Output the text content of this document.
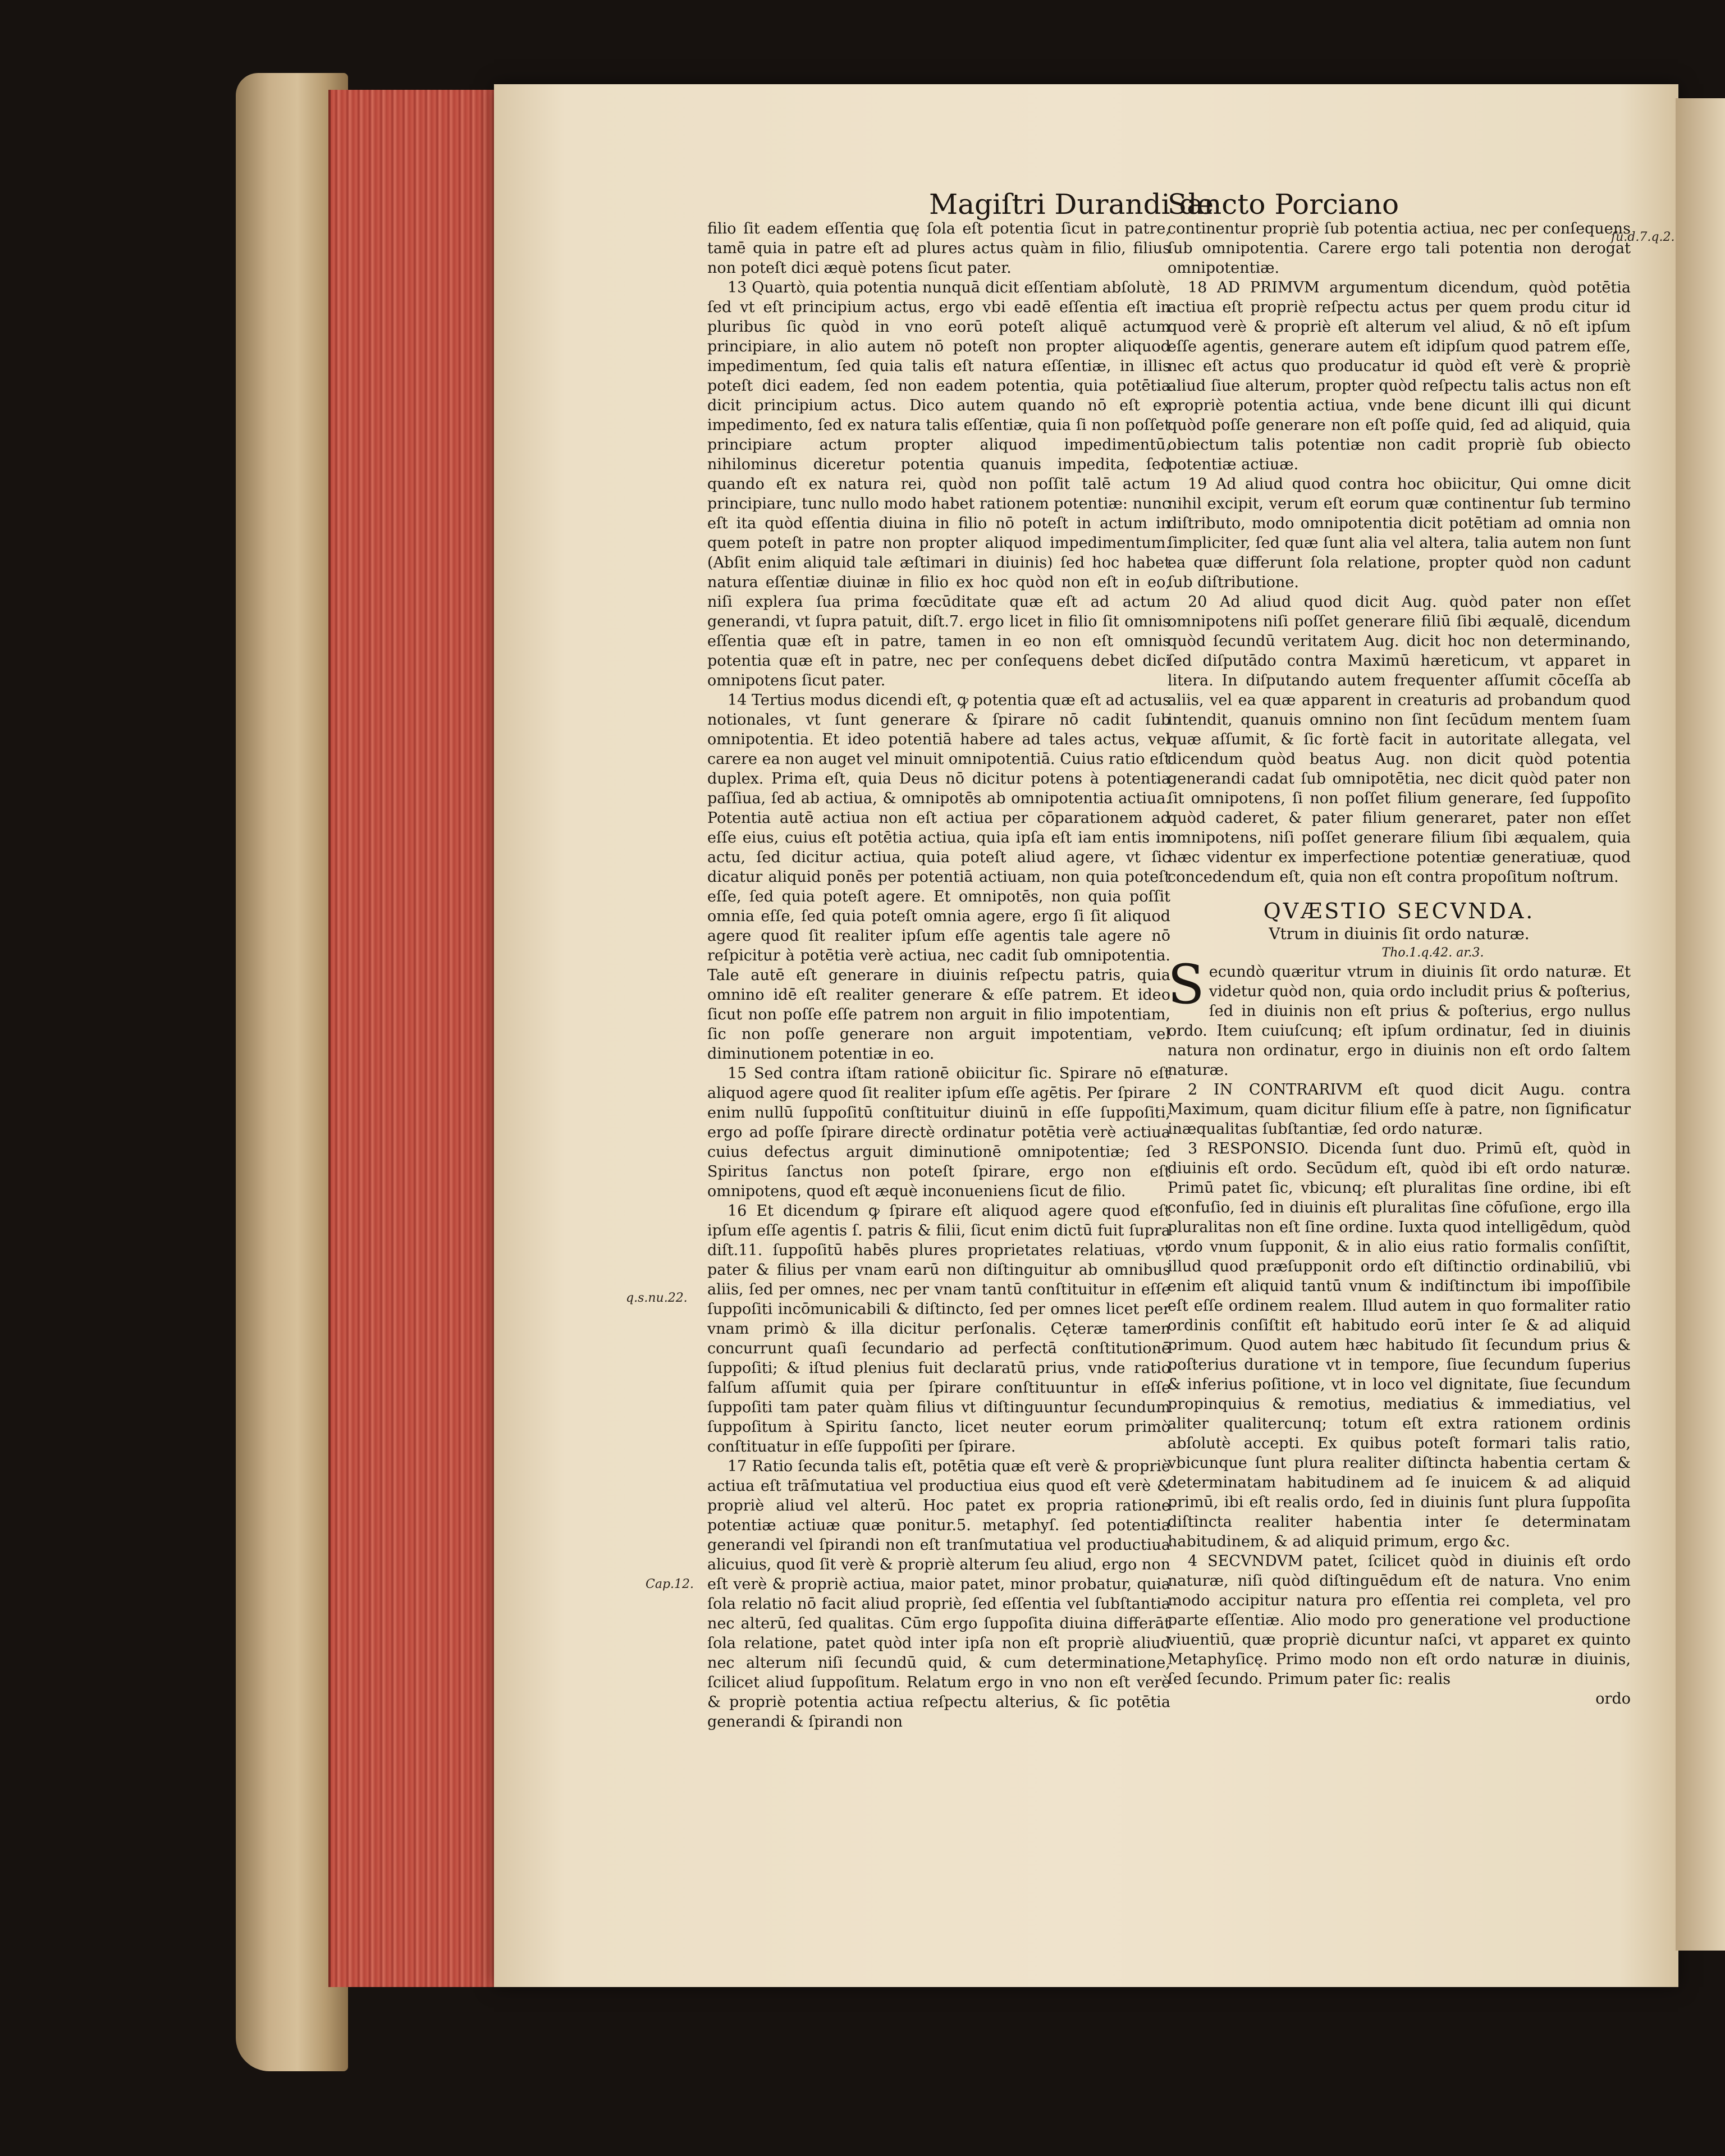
Magiſtri Durandi de
Sancto Porciano
ſu.d.7.q.2.
q.s.nu.22.
Cap.12.

filio ſit eadem eſſentia quę ſola eſt potentia ſicut in patre, tamē quia in patre eſt ad plures actus quàm in filio, filius non poteſt dici æquè potens ſicut pater.

13 Quartò, quia potentia nunquā dicit eſſentiam abſolutè, ſed vt eſt principium actus, ergo vbi eadē eſſentia eſt in pluribus ſic quòd in vno eorū poteſt aliquē actum principiare, in alio autem nō poteſt non propter aliquod impedimentum, ſed quia talis eſt natura eſſentiæ, in illis poteſt dici eadem, ſed non eadem potentia, quia potētia dicit principium actus. Dico autem quando nō eſt ex impedimento, ſed ex natura talis eſſentiæ, quia ſi non poſſet principiare actum propter aliquod impedimentū, nihilominus diceretur potentia quanuis impedita, ſed quando eſt ex natura rei, quòd non poſſit talē actum principiare, tunc nullo modo habet rationem potentiæ: nunc eſt ita quòd eſſentia diuina in filio nō poteſt in actum in quem poteſt in patre non propter aliquod impedimentum. (Abſit enim aliquid tale æſtimari in diuinis) ſed hoc habet natura eſſentiæ diuinæ in filio ex hoc quòd non eſt in eo, niſi explera ſua prima fœcūditate quæ eſt ad actum generandi, vt ſupra patuit, diſt.7. ergo licet in filio ſit omnis eſſentia quæ eſt in patre, tamen in eo non eſt omnis potentia quæ eſt in patre, nec per conſequens debet dici omnipotens ſicut pater.

14 Tertius modus dicendi eſt, ꝙ potentia quæ eſt ad actus notionales, vt ſunt generare & ſpirare nō cadit ſub omnipotentia. Et ideo potentiā habere ad tales actus, vel carere ea non auget vel minuit omnipotentiā. Cuius ratio eſt duplex. Prima eſt, quia Deus nō dicitur potens à potentia paſſiua, ſed ab actiua, & omnipotēs ab omnipotentia actiua. Potentia autē actiua non eſt actiua per cōparationem ad eſſe eius, cuius eſt potētia actiua, quia ipſa eſt iam entis in actu, ſed dicitur actiua, quia poteſt aliud agere, vt ſic dicatur aliquid ponēs per potentiā actiuam, non quia poteſt eſſe, ſed quia poteſt agere. Et omnipotēs, non quia poſſit omnia eſſe, ſed quia poteſt omnia agere, ergo ſi ſit aliquod agere quod ſit realiter ipſum eſſe agentis tale agere nō reſpicitur à potētia verè actiua, nec cadit ſub omnipotentia. Tale autē eſt generare in diuinis reſpectu patris, quia omnino idē eſt realiter generare & eſſe patrem. Et ideo ſicut non poſſe eſſe patrem non arguit in filio impotentiam, ſic non poſſe generare non arguit impotentiam, vel diminutionem potentiæ in eo.

15 Sed contra iſtam rationē obiicitur ſic. Spirare nō eſt aliquod agere quod ſit realiter ipſum eſſe agētis. Per ſpirare enim nullū ſuppoſitū conſtituitur diuinū in eſſe ſuppoſiti, ergo ad poſſe ſpirare directè ordinatur potētia verè actiua cuius defectus arguit diminutionē omnipotentiæ; ſed Spiritus ſanctus non poteſt ſpirare, ergo non eſt omnipotens, quod eſt æquè inconueniens ſicut de filio.

16 Et dicendum ꝙ ſpirare eſt aliquod agere quod eſt ipſum eſſe agentis ſ. patris & filii, ſicut enim dictū fuit ſupra diſt.11. ſuppoſitū habēs plures proprietates relatiuas, vt pater & filius per vnam earū non diſtinguitur ab omnibus aliis, ſed per omnes, nec per vnam tantū conſtituitur in eſſe ſuppoſiti incōmunicabili & diſtincto, ſed per omnes licet per vnam primò & illa dicitur perſonalis. Cęteræ tamen concurrunt quaſi ſecundario ad perfectā conſtitutionē ſuppoſiti; & iſtud plenius fuit declaratū prius, vnde ratio falſum aſſumit quia per ſpirare conſtituuntur in eſſe ſuppoſiti tam pater quàm filius vt diſtinguuntur ſecundum ſuppoſitum à Spiritu ſancto, licet neuter eorum primò conſtituatur in eſſe ſuppoſiti per ſpirare.

17 Ratio ſecunda talis eſt, potētia quæ eſt verè & propriè actiua eſt trāſmutatiua vel productiua eius quod eſt verè & propriè aliud vel alterū. Hoc patet ex propria ratione potentiæ actiuæ quæ ponitur.5. metaphyſ. ſed potentia generandi vel ſpirandi non eſt tranſmutatiua vel productiua alicuius, quod ſit verè & propriè alterum ſeu aliud, ergo non eſt verè & propriè actiua, maior patet, minor probatur, quia ſola relatio nō facit aliud propriè, ſed eſſentia vel ſubſtantia nec alterū, ſed qualitas. Cūm ergo ſuppoſita diuina differāt ſola relatione, patet quòd inter ipſa non eſt propriè aliud nec alterum niſi ſecundū quid, & cum determinatione, ſcilicet aliud ſuppoſitum. Relatum ergo in vno non eſt verè & propriè potentia actiua reſpectu alterius, & ſic potētia generandi & ſpirandi non

continentur propriè ſub potentia actiua, nec per conſequens ſub omnipotentia. Carere ergo tali potentia non derogat omnipotentiæ.

18 AD PRIMVM argumentum dicendum, quòd potētia actiua eſt propriè reſpectu actus per quem produ citur id quod verè & propriè eſt alterum vel aliud, & nō eſt ipſum eſſe agentis, generare autem eſt idipſum quod patrem eſſe, nec eſt actus quo producatur id quòd eſt verè & propriè aliud ſiue alterum, propter quòd reſpectu talis actus non eſt propriè potentia actiua, vnde bene dicunt illi qui dicunt quòd poſſe generare non eſt poſſe quid, ſed ad aliquid, quia obiectum talis potentiæ non cadit propriè ſub obiecto potentiæ actiuæ.

19 Ad aliud quod contra hoc obiicitur, Qui omne dicit nihil excipit, verum eſt eorum quæ continentur ſub termino diſtributo, modo omnipotentia dicit potētiam ad omnia non ſimpliciter, ſed quæ ſunt alia vel altera, talia autem non ſunt ea quæ differunt ſola relatione, propter quòd non cadunt ſub diſtributione.

20 Ad aliud quod dicit Aug. quòd pater non eſſet omnipotens niſi poſſet generare filiū ſibi æqualē, dicendum quòd ſecundū veritatem Aug. dicit hoc non determinando, ſed diſputādo contra Maximū hæreticum, vt apparet in litera. In diſputando autem frequenter aſſumit cōceſſa ab aliis, vel ea quæ apparent in creaturis ad probandum quod intendit, quanuis omnino non ſint ſecūdum mentem ſuam quæ aſſumit, & ſic fortè facit in autoritate allegata, vel dicendum quòd beatus Aug. non dicit quòd potentia generandi cadat ſub omnipotētia, nec dicit quòd pater non ſit omnipotens, ſi non poſſet filium generare, ſed ſuppoſito quòd caderet, & pater filium generaret, pater non eſſet omnipotens, niſi poſſet generare filium ſibi æqualem, quia hæc videntur ex imperfectione potentiæ generatiuæ, quod concedendum eſt, quia non eſt contra propoſitum noſtrum.

QVÆSTIO SECVNDA.
Vtrum in diuinis ſit ordo naturæ.
Tho.1.q.42. ar.3.

Secundò quæritur vtrum in diuinis ſit ordo naturæ. Et videtur quòd non, quia ordo includit prius & poſterius, ſed in diuinis non eſt prius & poſterius, ergo nullus ordo. Item cuiuſcunq; eſt ipſum ordinatur, ſed in diuinis natura non ordinatur, ergo in diuinis non eſt ordo ſaltem naturæ.

2 IN CONTRARIVM eſt quod dicit Augu. contra Maximum, quam dicitur filium eſſe à patre, non ſignificatur inæqualitas ſubſtantiæ, ſed ordo naturæ.

3 RESPONSIO. Dicenda ſunt duo. Primū eſt, quòd in diuinis eſt ordo. Secūdum eſt, quòd ibi eſt ordo naturæ. Primū patet ſic, vbicunq; eſt pluralitas ſine ordine, ibi eſt confuſio, ſed in diuinis eſt pluralitas ſine cōfuſione, ergo illa pluralitas non eſt ſine ordine. Iuxta quod intelligēdum, quòd ordo vnum ſupponit, & in alio eius ratio formalis conſiſtit, illud quod præſupponit ordo eſt diſtinctio ordinabiliū, vbi enim eſt aliquid tantū vnum & indiſtinctum ibi impoſſibile eſt eſſe ordinem realem. Illud autem in quo formaliter ratio ordinis conſiſtit eſt habitudo eorū inter ſe & ad aliquid primum. Quod autem hæc habitudo ſit ſecundum prius & poſterius duratione vt in tempore, ſiue ſecundum ſuperius & inferius poſitione, vt in loco vel dignitate, ſiue ſecundum propinquius & remotius, mediatius & immediatius, vel aliter qualitercunq; totum eſt extra rationem ordinis abſolutè accepti. Ex quibus poteſt formari talis ratio, vbicunque ſunt plura realiter diſtincta habentia certam & determinatam habitudinem ad ſe inuicem & ad aliquid primū, ibi eſt realis ordo, ſed in diuinis ſunt plura ſuppoſita diſtincta realiter habentia inter ſe determinatam habitudinem, & ad aliquid primum, ergo &c.

4 SECVNDVM patet, ſcilicet quòd in diuinis eſt ordo naturæ, niſi quòd diſtinguēdum eſt de natura. Vno enim modo accipitur natura pro eſſentia rei completa, vel pro parte eſſentiæ. Alio modo pro generatione vel productione viuentiū, quæ propriè dicuntur naſci, vt apparet ex quinto Metaphyſicę. Primo modo non eſt ordo naturæ in diuinis, ſed ſecundo. Primum pater ſic: realis

ordo
